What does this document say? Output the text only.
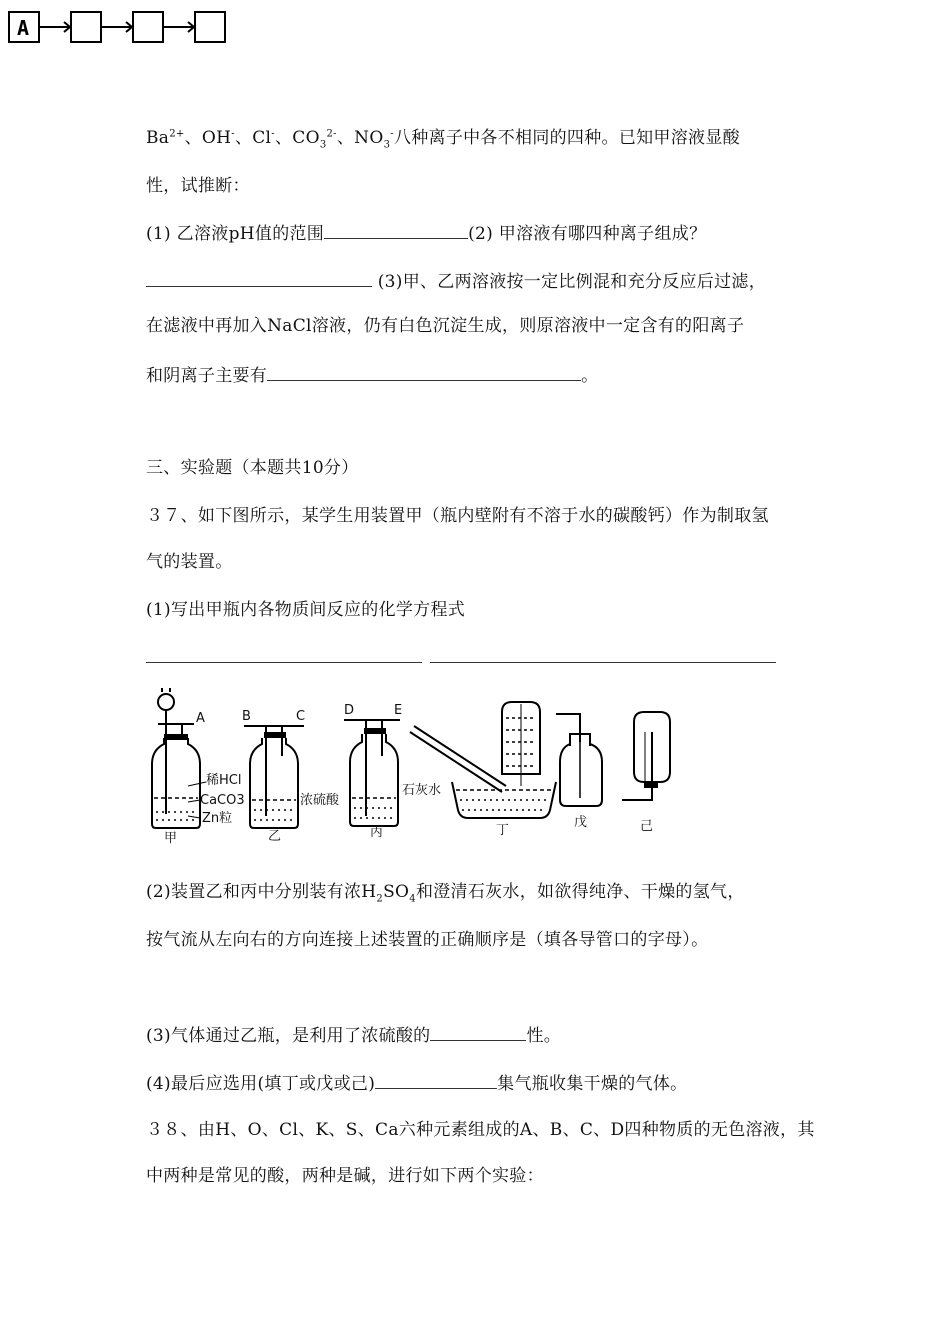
A
$Ba^{2+}$、OH-、Cl-、$CO_3^{2-}$、$NO_3^-$八种离子中各不相同的四种。已知甲溶液显酸
性，试推断：
(1) 乙溶液pH值的范围	(2) 甲溶液有哪四种离子组成？
(3)甲、乙两溶液按一定比例混和充分反应后过滤，
在滤液中再加入NaCl溶液，仍有白色沉淀生成，则原溶液中一定含有的阳离子
和阴离子主要有	。
三、实验题（本题共10分）
３７、如下图所示，某学生用装置甲（瓶内壁附有不溶于水的碳酸钙）作为制取氢
气的装置。
(1)写出甲瓶内各物质间反应的化学方程式
A
稀HCl
CaCO3
Zn粒
甲
B	C
浓硫酸
乙
D	E
石灰水
丙	丁
戊	己
(2)装置乙和丙中分别装有浓$H_2SO_4$和澄清石灰水，如欲得纯净、干燥的氢气，
按气流从左向右的方向连接上述装置的正确顺序是（填各导管口的字母）。
(3)气体通过乙瓶，是利用了浓硫酸的	性。
(4)最后应选用(填丁或戊或己)	集气瓶收集干燥的气体。
３８、由H、O、Cl、K、S、Ca六种元素组成的A、B、C、D四种物质的无色溶液，其
中两种是常见的酸，两种是碱，进行如下两个实验：
